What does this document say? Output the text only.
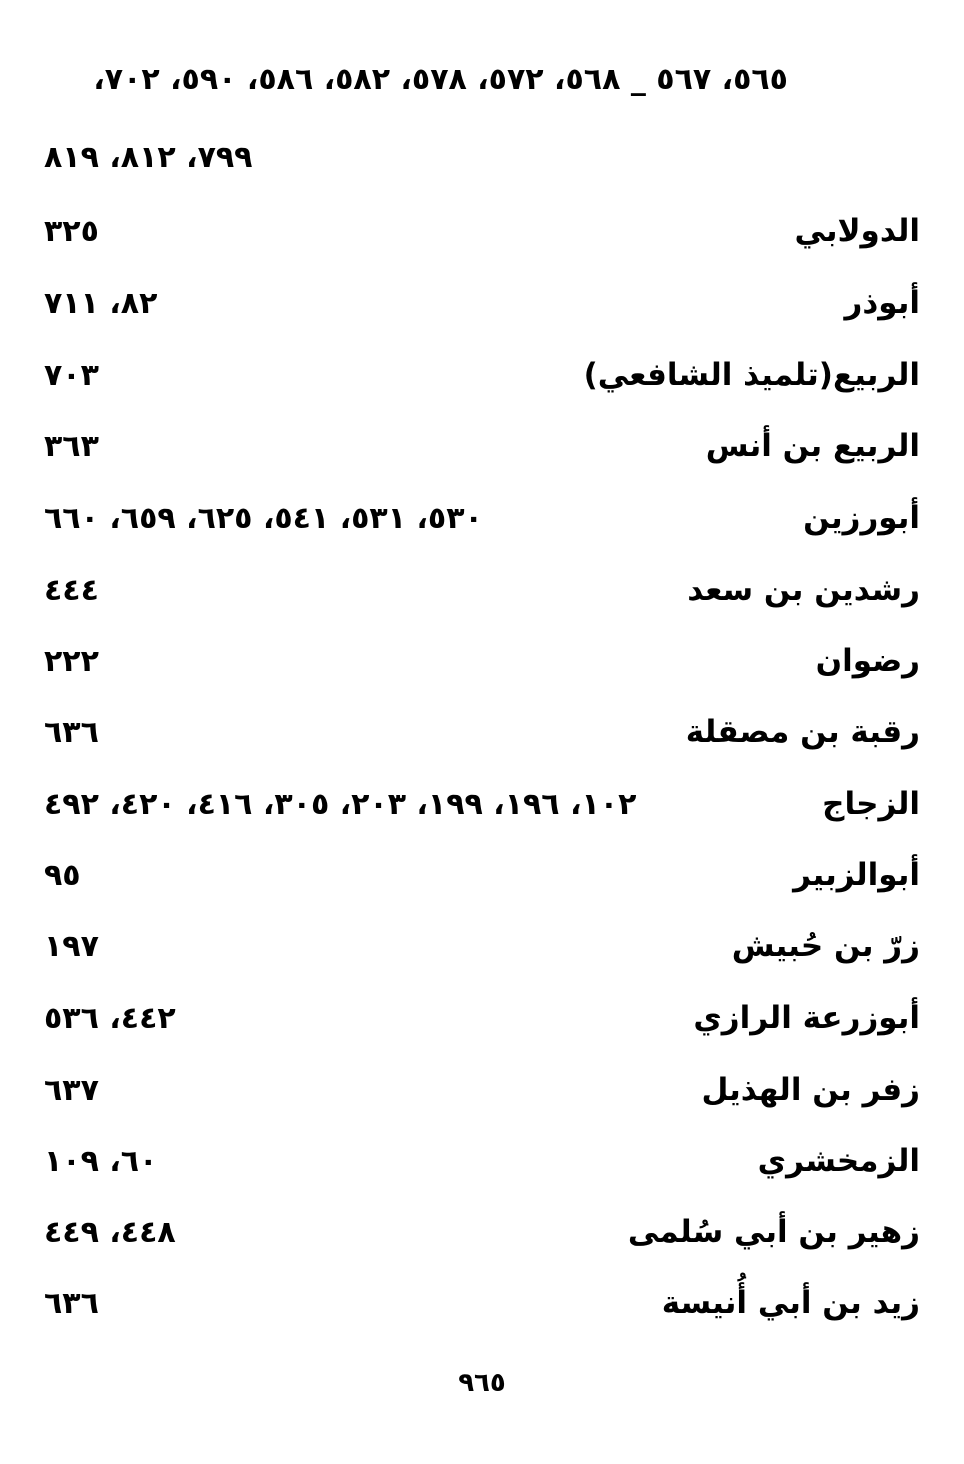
٥٦٥، ٥٦٧ _ ٥٦٨، ٥٧٢، ٥٧٨، ٥٨٢، ٥٨٦، ٥٩٠، ٧٠٢،
٧٩٩، ٨١٢، ٨١٩
الدولابي
٣٢٥
أبوذر
٨٢، ٧١١
الربيع(تلميذ الشافعي)
٧٠٣
الربيع بن أنس
٣٦٣
أبورزين
٥٣٠، ٥٣١، ٥٤١، ٦٢٥، ٦٥٩، ٦٦٠
رشدين بن سعد
٤٤٤
رضوان
٢٢٢
رقبة بن مصقلة
٦٣٦
الزجاج
١٠٢، ١٩٦، ١٩٩، ٢٠٣، ٣٠٥، ٤١٦، ٤٢٠، ٤٩٢
أبوالزبير
٩٥
زرّ بن حُبيش
١٩٧
أبوزرعة الرازي
٤٤٢، ٥٣٦
زفر بن الهذيل
٦٣٧
الزمخشري
٦٠، ١٠٩
زهير بن أبي سُلمى
٤٤٨، ٤٤٩
زيد بن أبي أُنيسة
٦٣٦
٩٦٥
